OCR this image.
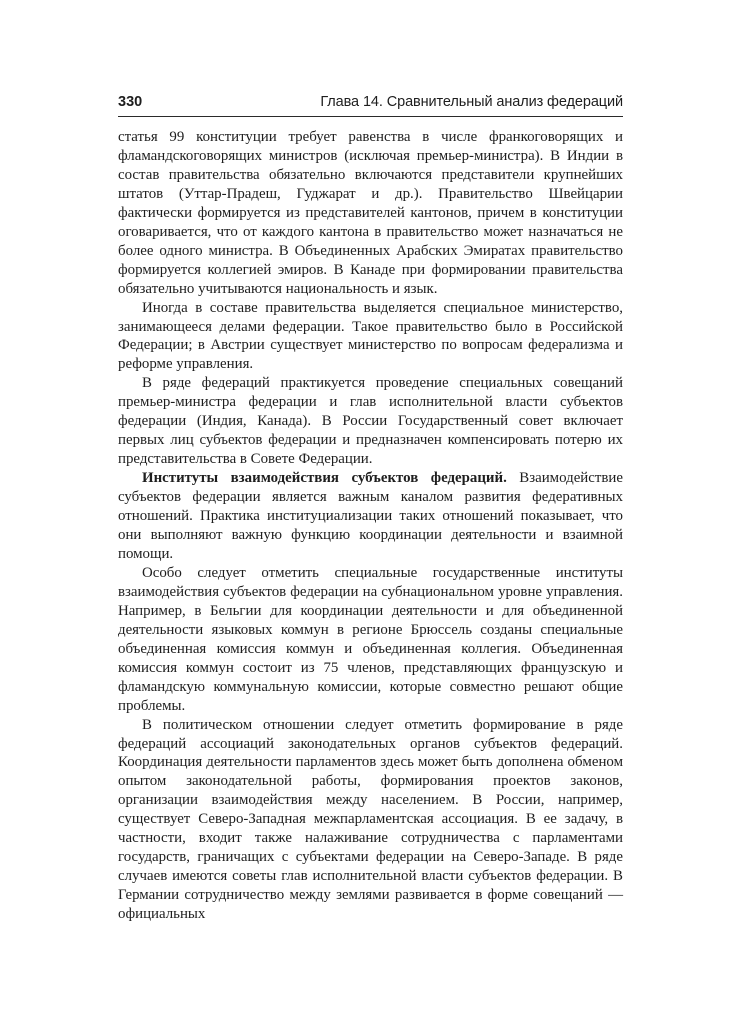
330	Глава 14. Сравнительный анализ федераций

статья 99 конституции требует равенства в числе франкоговорящих и фламандскоговорящих министров (исключая премьер-министра). В Индии в состав правительства обязательно включаются представители крупнейших штатов (Уттар-Прадеш, Гуджарат и др.). Правительство Швейцарии фактически формируется из представителей кантонов, причем в конституции оговаривается, что от каждого кантона в правительство может назначаться не более одного министра. В Объединенных Арабских Эмиратах правительство формируется коллегией эмиров. В Канаде при формировании правительства обязательно учитываются национальность и язык.

Иногда в составе правительства выделяется специальное министерство, занимающееся делами федерации. Такое правительство было в Российской Федерации; в Австрии существует министерство по вопросам федерализма и реформе управления.

В ряде федераций практикуется проведение специальных совещаний премьер-министра федерации и глав исполнительной власти субъектов федерации (Индия, Канада). В России Государственный совет включает первых лиц субъектов федерации и предназначен компенсировать потерю их представительства в Совете Федерации.

Институты взаимодействия субъектов федераций. Взаимодействие субъектов федерации является важным каналом развития федеративных отношений. Практика институциализации таких отношений показывает, что они выполняют важную функцию координации деятельности и взаимной помощи.

Особо следует отметить специальные государственные институты взаимодействия субъектов федерации на субнациональном уровне управления. Например, в Бельгии для координации деятельности и для объединенной деятельности языковых коммун в регионе Брюссель созданы специальные объединенная комиссия коммун и объединенная коллегия. Объединенная комиссия коммун состоит из 75 членов, представляющих французскую и фламандскую коммунальную комиссии, которые совместно решают общие проблемы.

В политическом отношении следует отметить формирование в ряде федераций ассоциаций законодательных органов субъектов федераций. Координация деятельности парламентов здесь может быть дополнена обменом опытом законодательной работы, формирования проектов законов, организации взаимодействия между населением. В России, например, существует Северо-Западная межпарламентская ассоциация. В ее задачу, в частности, входит также налаживание сотрудничества с парламентами государств, граничащих с субъектами федерации на Северо-Западе. В ряде случаев имеются советы глав исполнительной власти субъектов федерации. В Германии сотрудничество между землями развивается в форме совещаний — официальных
